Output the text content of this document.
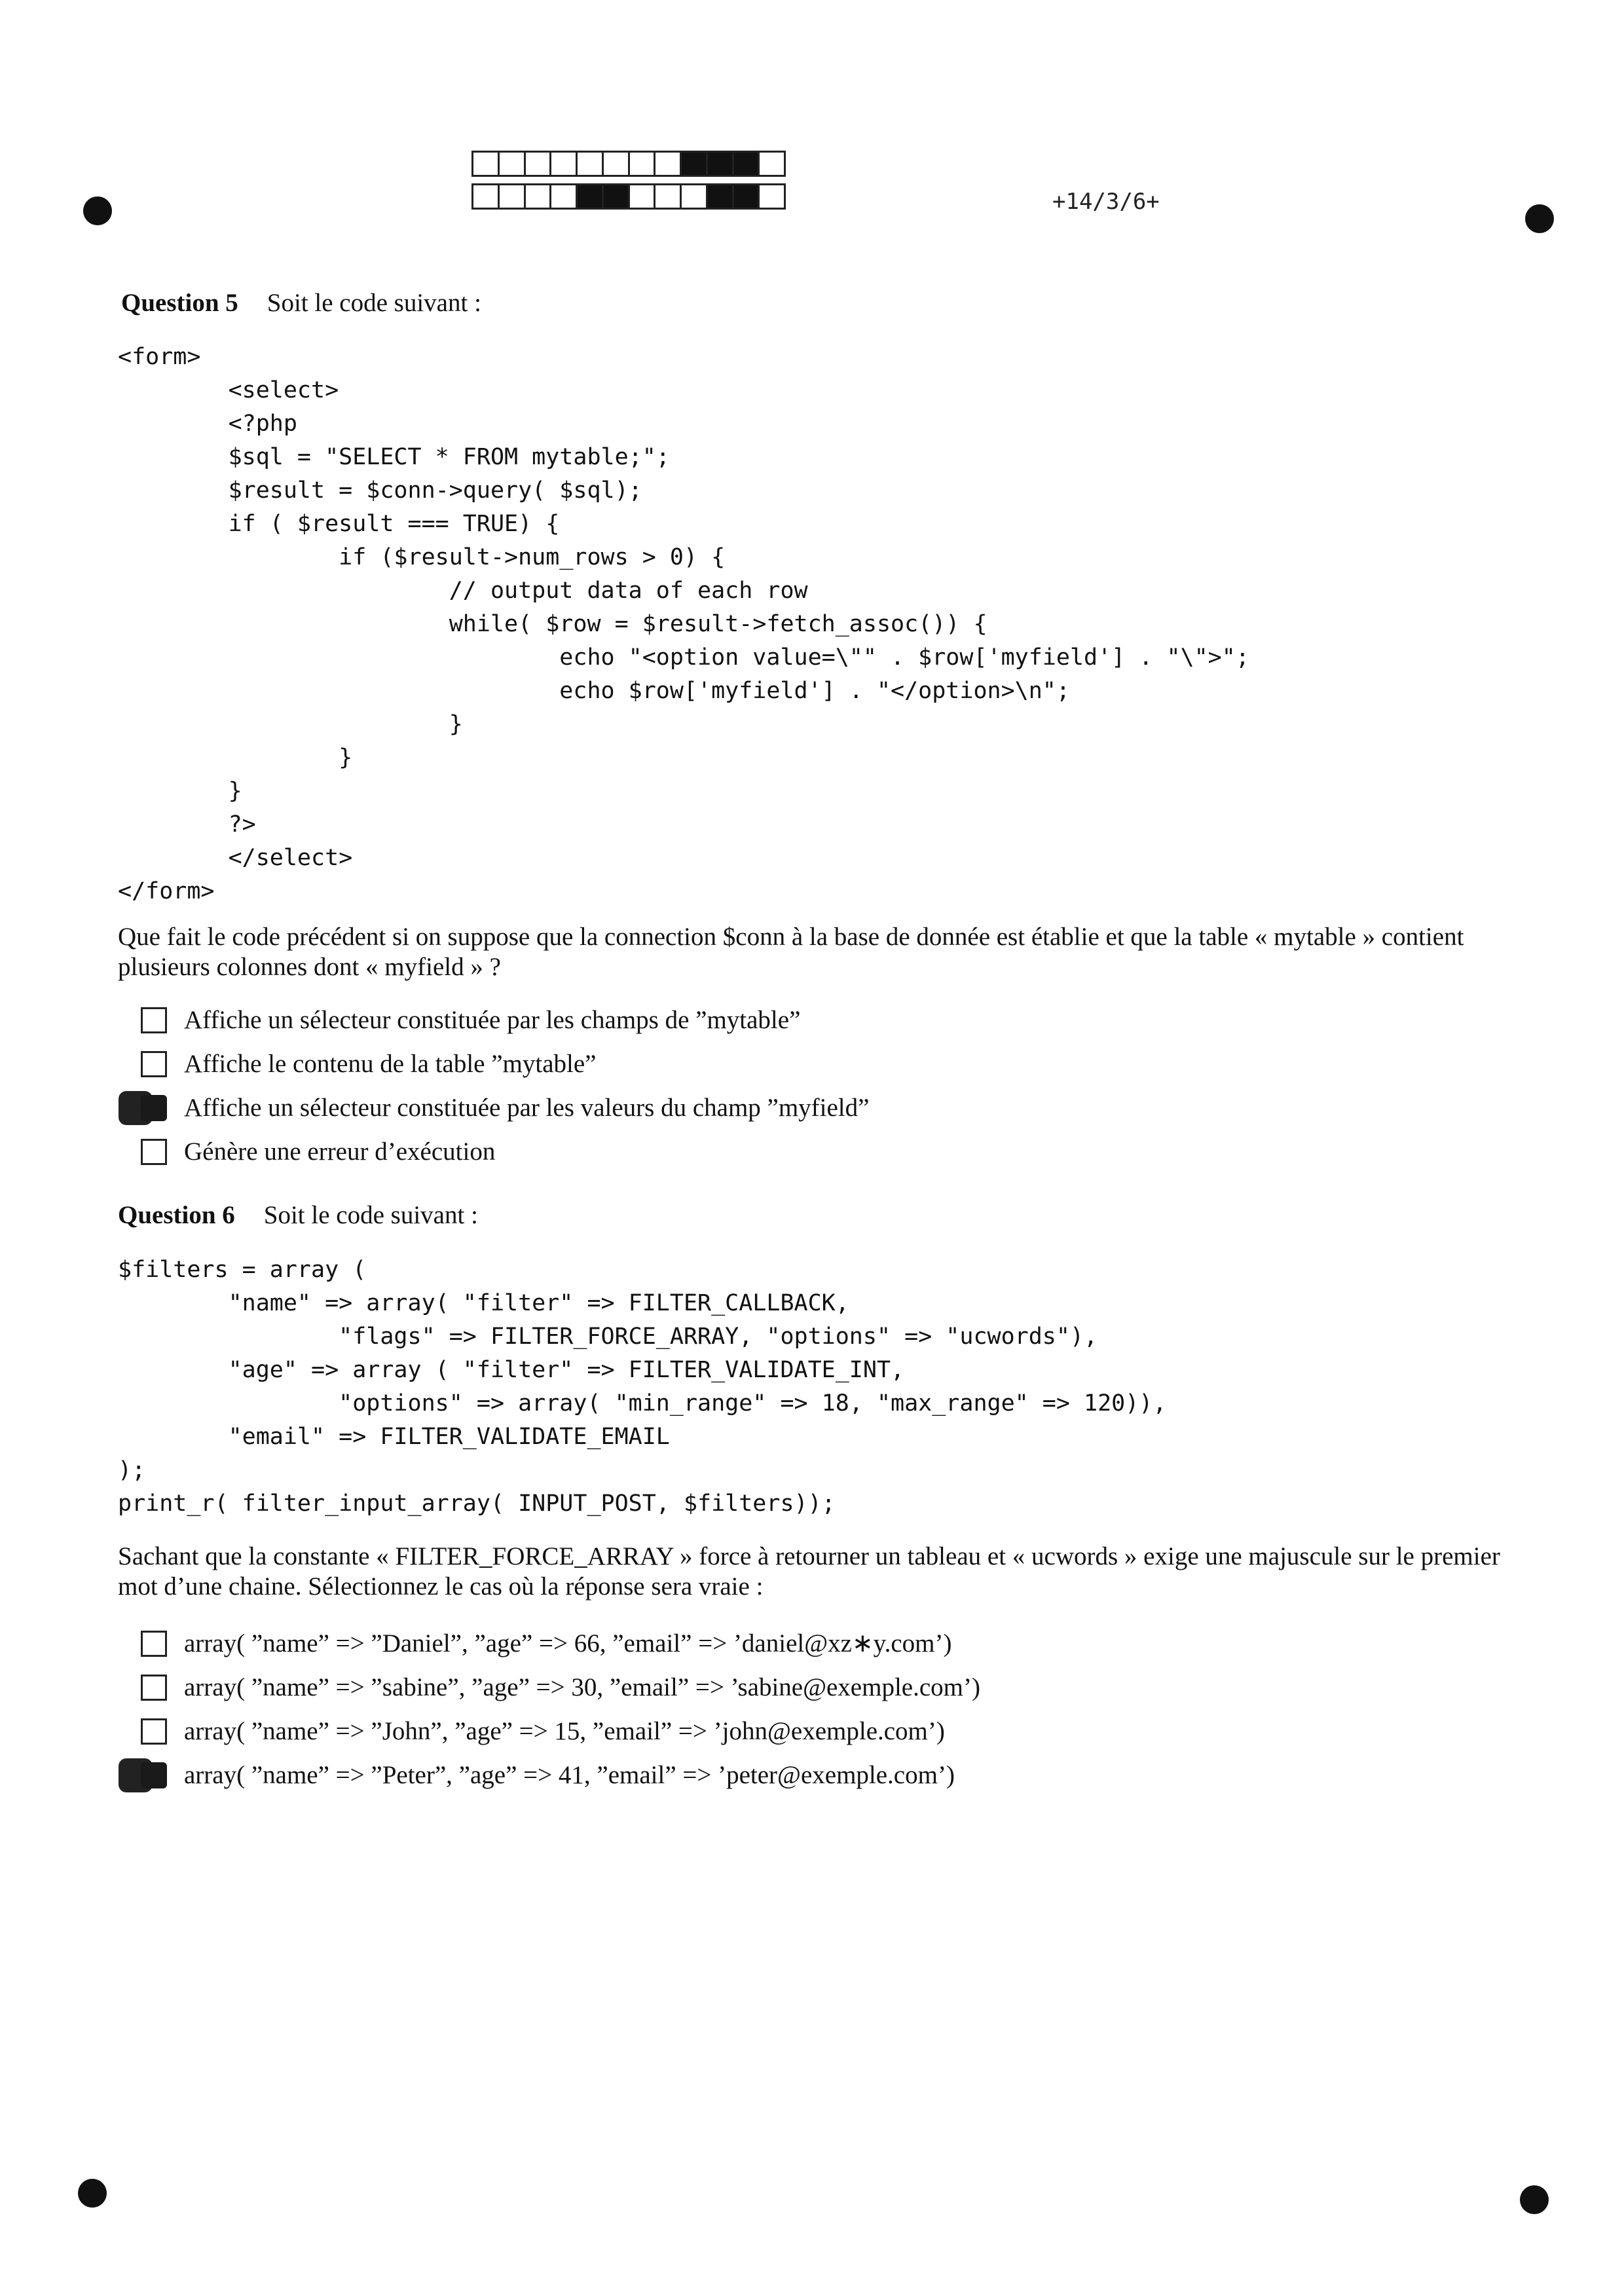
+14/3/6+
Question 5 Soit le code suivant :
<form>
<select>
<?php
$sql = "SELECT * FROM mytable;";
$result = $conn->query( $sql);
if ( $result === TRUE) {
if ($result->num_rows > 0) {
// output data of each row
while( $row = $result->fetch_assoc()) {
echo "<option value=\"" . $row['myfield'] . "\">";
echo $row['myfield'] . "</option>\n";
}
}
}
?>
</select>
</form>
Que fait le code précédent si on suppose que la connection $conn à la base de donnée est établie et que la table « mytable » contient plusieurs colonnes dont « myfield » ?
Affiche un sélecteur constituée par les champs de ”mytable”
Affiche le contenu de la table ”mytable”
Affiche un sélecteur constituée par les valeurs du champ ”myfield”
Génère une erreur d’exécution
Question 6 Soit le code suivant :
$filters = array (
"name" => array( "filter" => FILTER_CALLBACK,
"flags" => FILTER_FORCE_ARRAY, "options" => "ucwords"),
"age" => array ( "filter" => FILTER_VALIDATE_INT,
"options" => array( "min_range" => 18, "max_range" => 120)),
"email" => FILTER_VALIDATE_EMAIL
);
print_r( filter_input_array( INPUT_POST, $filters));
Sachant que la constante « FILTER_FORCE_ARRAY » force à retourner un tableau et « ucwords » exige une majuscule sur le premier mot d’une chaine. Sélectionnez le cas où la réponse sera vraie :
array( ”name” => ”Daniel”, ”age” => 66, ”email” => ’daniel@xz∗y.com’)
array( ”name” => ”sabine”, ”age” => 30, ”email” => ’sabine@exemple.com’)
array( ”name” => ”John”, ”age” => 15, ”email” => ’john@exemple.com’)
array( ”name” => ”Peter”, ”age” => 41, ”email” => ’peter@exemple.com’)
